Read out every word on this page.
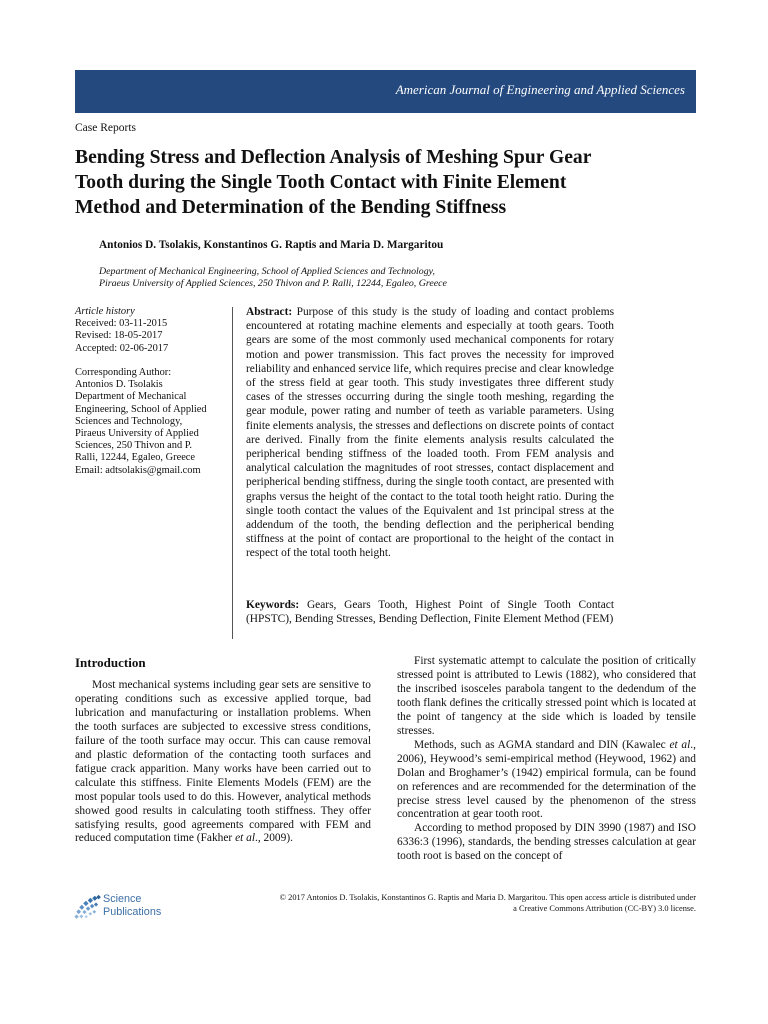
American Journal of Engineering and Applied Sciences
Case Reports
Bending Stress and Deflection Analysis of Meshing Spur Gear
Tooth during the Single Tooth Contact with Finite Element
Method and Determination of the Bending Stiffness
Antonios D. Tsolakis, Konstantinos G. Raptis and Maria D. Margaritou
Department of Mechanical Engineering, School of Applied Sciences and Technology,
Piraeus University of Applied Sciences, 250 Thivon and P. Ralli, 12244, Egaleo, Greece
Article history
Received: 03-11-2015
Revised: 18-05-2017
Accepted: 02-06-2017
Corresponding Author:
Antonios D. Tsolakis
Department of Mechanical
Engineering, School of Applied
Sciences and Technology,
Piraeus University of Applied
Sciences, 250 Thivon and P.
Ralli, 12244, Egaleo, Greece
Email: adtsolakis@gmail.com
Abstract: Purpose of this study is the study of loading and contact problems encountered at rotating machine elements and especially at tooth gears. Tooth gears are some of the most commonly used mechanical components for rotary motion and power transmission. This fact proves the necessity for improved reliability and enhanced service life, which requires precise and clear knowledge of the stress field at gear tooth. This study investigates three different study cases of the stresses occurring during the single tooth meshing, regarding the gear module, power rating and number of teeth as variable parameters. Using finite elements analysis, the stresses and deflections on discrete points of contact are derived. Finally from the finite elements analysis results calculated the peripherical bending stiffness of the loaded tooth. From FEM analysis and analytical calculation the magnitudes of root stresses, contact displacement and peripherical bending stiffness, during the single tooth contact, are presented with graphs versus the height of the contact to the total tooth height ratio. During the single tooth contact the values of the Equivalent and 1st principal stress at the addendum of the tooth, the bending deflection and the peripherical bending stiffness at the point of contact are proportional to the height of the contact in respect of the total tooth height.
Keywords: Gears, Gears Tooth, Highest Point of Single Tooth Contact (HPSTC), Bending Stresses, Bending Deflection, Finite Element Method (FEM)
Introduction

Most mechanical systems including gear sets are sensitive to operating conditions such as excessive applied torque, bad lubrication and manufacturing or installation problems. When the tooth surfaces are subjected to excessive stress conditions, failure of the tooth surface may occur. This can cause removal and plastic deformation of the contacting tooth surfaces and fatigue crack apparition. Many works have been carried out to calculate this stiffness. Finite Elements Models (FEM) are the most popular tools used to do this. However, analytical methods showed good results in calculating tooth stiffness. They offer satisfying results, good agreements compared with FEM and reduced computation time (Fakher et al., 2009).

First systematic attempt to calculate the position of critically stressed point is attributed to Lewis (1882), who considered that the inscribed isosceles parabola tangent to the dedendum of the tooth flank defines the critically stressed point which is located at the point of tangency at the side which is loaded by tensile stresses.

Methods, such as AGMA standard and DIN (Kawalec et al., 2006), Heywood’s semi-empirical method (Heywood, 1962) and Dolan and Broghamer’s (1942) empirical formula, can be found on references and are recommended for the determination of the precise stress level caused by the phenomenon of the stress concentration at gear tooth root.

According to method proposed by DIN 3990 (1987) and ISO 6336:3 (1996), standards, the bending stresses calculation at gear tooth root is based on the concept of

Science
Publications
© 2017 Antonios D. Tsolakis, Konstantinos G. Raptis and Maria D. Margaritou. This open access article is distributed under
a Creative Commons Attribution (CC-BY) 3.0 license.
